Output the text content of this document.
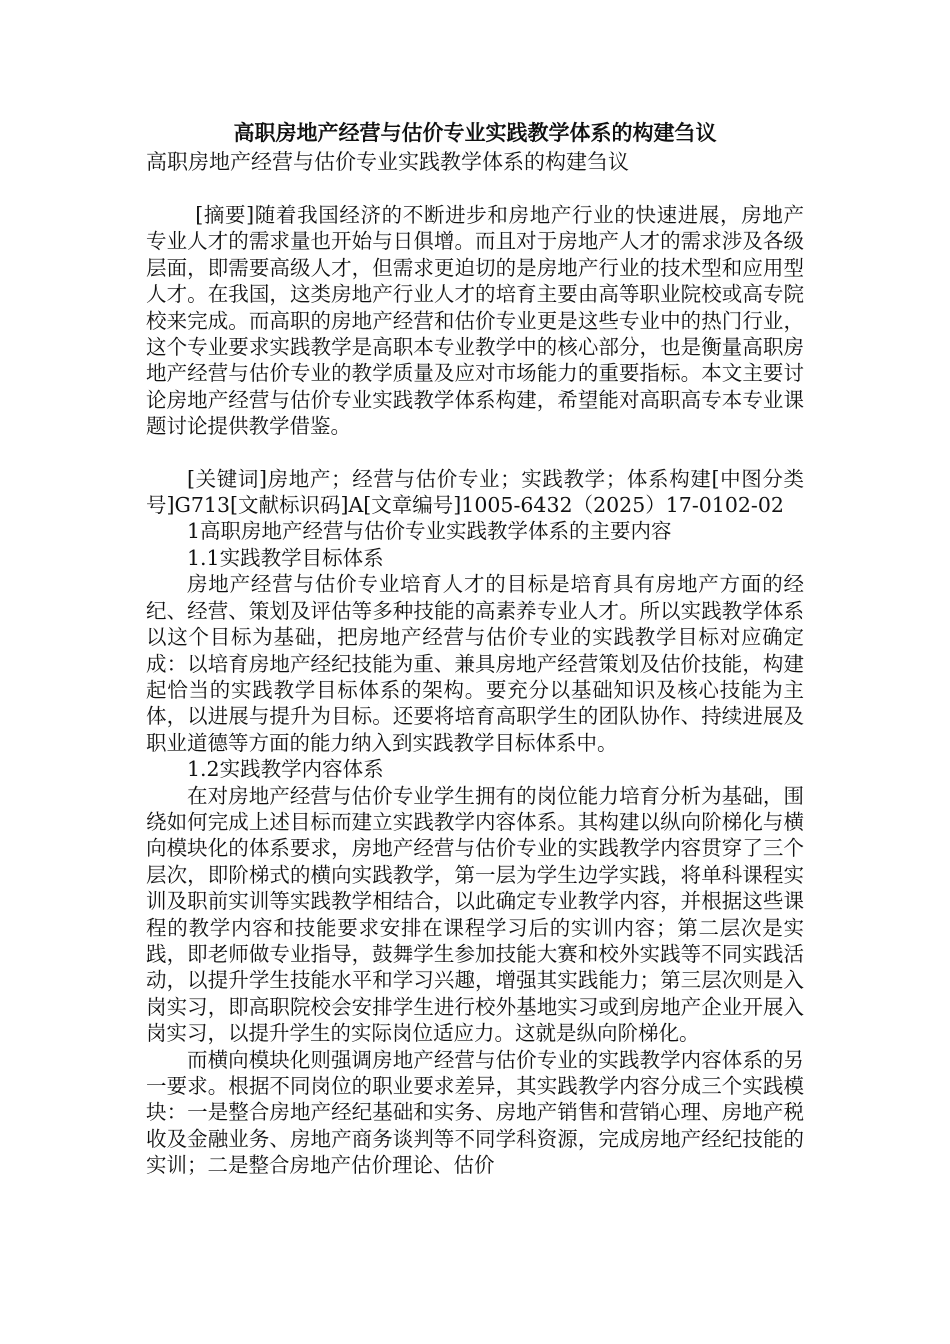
高职房地产经营与估价专业实践教学体系的构建刍议
高职房地产经营与估价专业实践教学体系的构建刍议

[摘要]随着我国经济的不断进步和房地产行业的快速进展，房地产专业人才的需求量也开始与日俱增。而且对于房地产人才的需求涉及各级层面，即需要高级人才，但需求更迫切的是房地产行业的技术型和应用型人才。在我国，这类房地产行业人才的培育主要由高等职业院校或高专院校来完成。而高职的房地产经营和估价专业更是这些专业中的热门行业，这个专业要求实践教学是高职本专业教学中的核心部分，也是衡量高职房地产经营与估价专业的教学质量及应对市场能力的重要指标。本文主要讨论房地产经营与估价专业实践教学体系构建，希望能对高职高专本专业课题讨论提供教学借鉴。

[关键词]房地产；经营与估价专业；实践教学；体系构建[中图分类号]G713[文献标识码]A[文章编号]1005-6432（2025）17-0102-02

1高职房地产经营与估价专业实践教学体系的主要内容

1.1实践教学目标体系

房地产经营与估价专业培育人才的目标是培育具有房地产方面的经纪、经营、策划及评估等多种技能的高素养专业人才。所以实践教学体系以这个目标为基础，把房地产经营与估价专业的实践教学目标对应确定成：以培育房地产经纪技能为重、兼具房地产经营策划及估价技能，构建起恰当的实践教学目标体系的架构。要充分以基础知识及核心技能为主体，以进展与提升为目标。还要将培育高职学生的团队协作、持续进展及职业道德等方面的能力纳入到实践教学目标体系中。

1.2实践教学内容体系

在对房地产经营与估价专业学生拥有的岗位能力培育分析为基础，围绕如何完成上述目标而建立实践教学内容体系。其构建以纵向阶梯化与横向模块化的体系要求，房地产经营与估价专业的实践教学内容贯穿了三个层次，即阶梯式的横向实践教学，第一层为学生边学实践，将单科课程实训及职前实训等实践教学相结合，以此确定专业教学内容，并根据这些课程的教学内容和技能要求安排在课程学习后的实训内容；第二层次是实践，即老师做专业指导，鼓舞学生参加技能大赛和校外实践等不同实践活动，以提升学生技能水平和学习兴趣，增强其实践能力；第三层次则是入岗实习，即高职院校会安排学生进行校外基地实习或到房地产企业开展入岗实习，以提升学生的实际岗位适应力。这就是纵向阶梯化。

而横向模块化则强调房地产经营与估价专业的实践教学内容体系的另一要求。根据不同岗位的职业要求差异，其实践教学内容分成三个实践模块：一是整合房地产经纪基础和实务、房地产销售和营销心理、房地产税收及金融业务、房地产商务谈判等不同学科资源，完成房地产经纪技能的实训；二是整合房地产估价理论、估价
